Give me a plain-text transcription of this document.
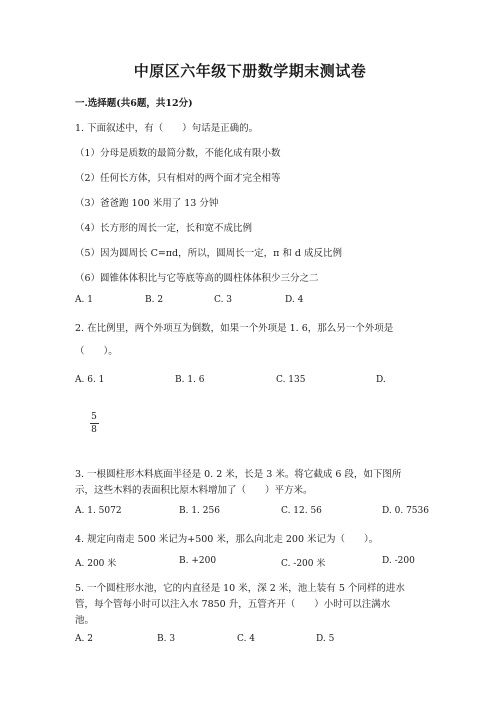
中原区六年级下册数学期末测试卷
一.选择题(共6题，共12分)
1. 下面叙述中，有（　　）句话是正确的。
（1）分母是质数的最简分数，不能化成有限小数
（2）任何长方体，只有相对的两个面才完全相等
（3）爸爸跑 100 米用了 13 分钟
（4）长方形的周长一定，长和宽不成比例
（5）因为圆周长 C=πd，所以，圆周长一定，π 和 d 成反比例
（6）圆锥体体积比与它等底等高的圆柱体体积少三分之二
A. 1	B. 2	C. 3	D. 4
2. 在比例里，两个外项互为倒数，如果一个外项是 1. 6，那么另一个外项是
（　　）。
A. 6. 1	B. 1. 6	C. 135	D.
5
8
3. 一根圆柱形木料底面半径是 0. 2 米，长是 3 米。将它截成 6 段，如下图所
示，这些木料的表面积比原木料增加了（　　）平方米。
A. 1. 5072	B. 1. 256	C. 12. 56	D. 0. 7536
4. 规定向南走 500 米记为+500 米，那么向北走 200 米记为（　　）。
A. 200 米	B. +200	C. -200 米	D. -200
5. 一个圆柱形水池，它的内直径是 10 米，深 2 米，池上装有 5 个同样的进水
管，每个管每小时可以注入水 7850 升，五管齐开（　　）小时可以注满水
池。
A. 2	B. 3	C. 4	D. 5
